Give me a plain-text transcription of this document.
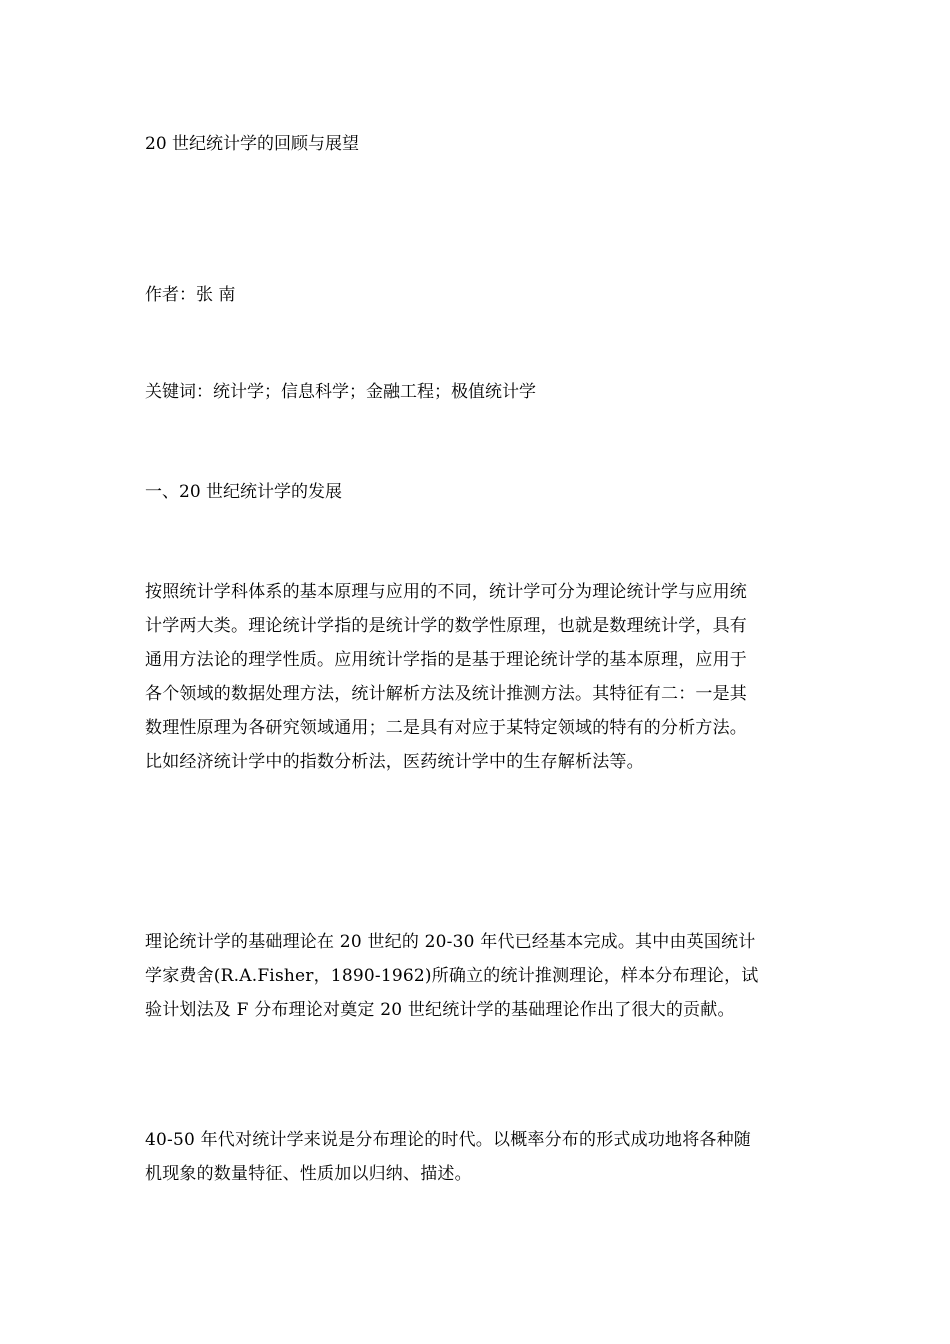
20 世纪统计学的回顾与展望
作者：张 南
关键词：统计学；信息科学；金融工程；极值统计学
一、20 世纪统计学的发展
按照统计学科体系的基本原理与应用的不同，统计学可分为理论统计学与应用统
计学两大类。理论统计学指的是统计学的数学性原理，也就是数理统计学，具有
通用方法论的理学性质。应用统计学指的是基于理论统计学的基本原理，应用于
各个领域的数据处理方法，统计解析方法及统计推测方法。其特征有二：一是其
数理性原理为各研究领域通用；二是具有对应于某特定领域的特有的分析方法。
比如经济统计学中的指数分析法，医药统计学中的生存解析法等。
理论统计学的基础理论在 20 世纪的 20-30 年代已经基本完成。其中由英国统计
学家费舍(R.A.Fisher，1890-1962)所确立的统计推测理论，样本分布理论，试
验计划法及 F 分布理论对奠定 20 世纪统计学的基础理论作出了很大的贡献。
40-50 年代对统计学来说是分布理论的时代。以概率分布的形式成功地将各种随
机现象的数量特征、性质加以归纳、描述。
